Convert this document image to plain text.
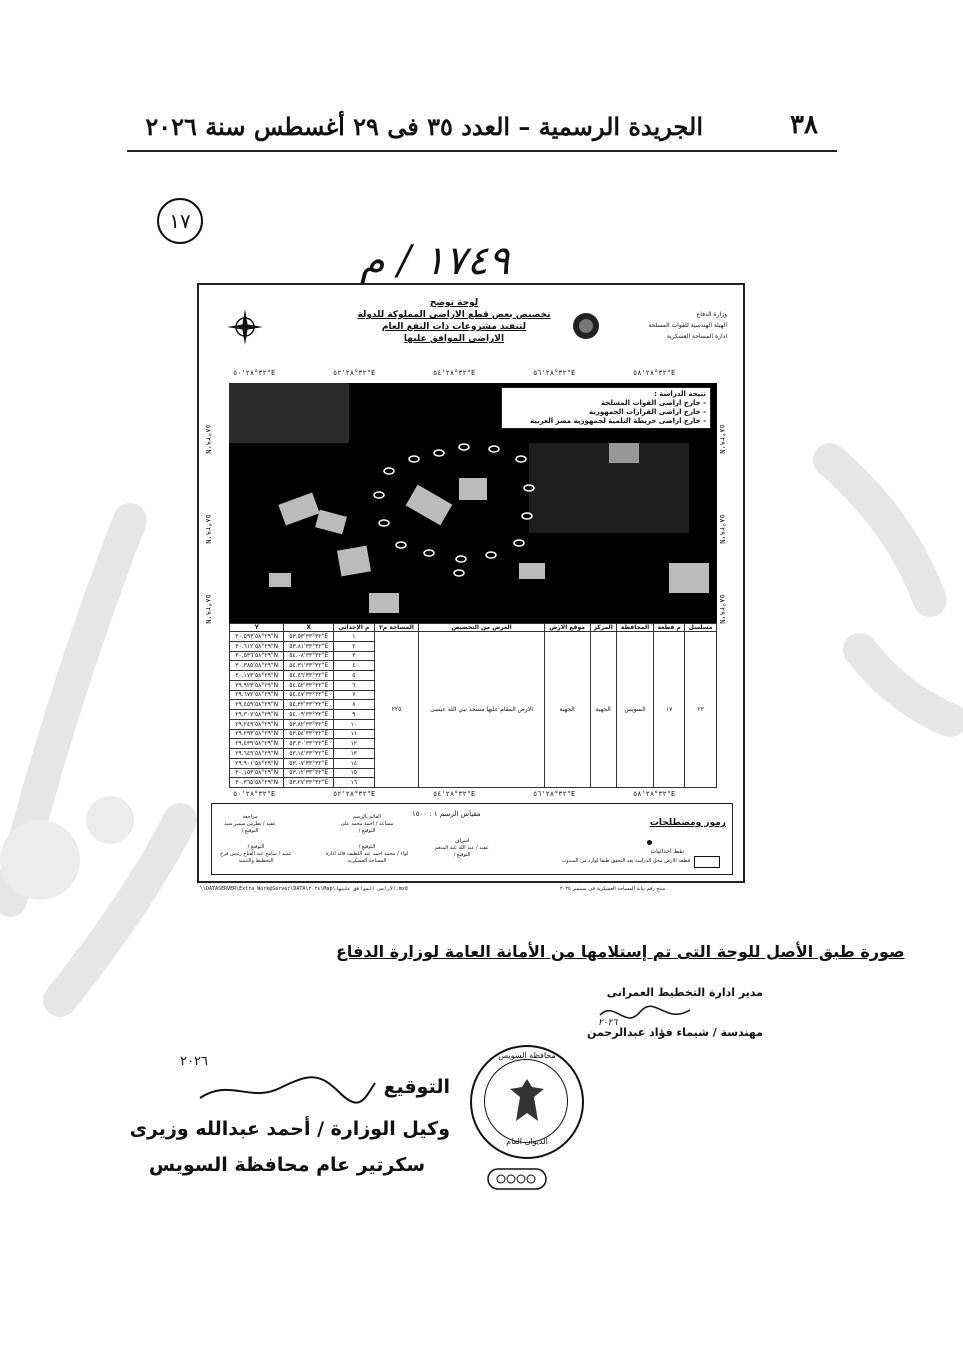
٣٨
الجريدة الرسمية – العدد ٣٥ فى ٢٩ أغسطس سنة ٢٠٢٦
١٧
١٧٤٩ / م
لوحة توضح
تخصيص بعض قطع الاراضى المملوكة للدولة
لتنفيذ مشروعات ذات النفع العام
الاراضى الموافق عليها
وزارة الدفاع
الهيئة الهندسية للقوات المسلحة
ادارة المساحة العسكرية
٣٢°٢٨'٥٠"E	٣٢°٢٨'٥٢"E	٣٢°٢٨'٥٤"E	٣٢°٢٨'٥٦"E	٣٢°٢٨'٥٨"E
٢٩°٥٨'N
٢٩°٥٨'N
٢٩°٥٨'N
٢٩°٥٨'N
٢٩°٥٨'N
٢٩°٥٨'N
نتيجة الدراسة :
- خارج اراضى القوات المسلحة
- خارج اراضى القرارات الجمهورية
- خارج اراضى خريطة التلمية لجمهورية مصر العربية
Y	X	م الإحداثي	المساحة م٢	الغرض من التخصيص	موقع الارض	المركز	المحافظة	م قطعة	مسلسل
٢٩°٥٨'٣٠.٥٩٣"N	٣٢°٣٣'٥٣.٥٣"E	١	٢٢٥	الارض المقام عليها مسجد نبي الله عيسى	الجهبة	الجهبة	السويس	١٧	٢٣
٢٩°٥٨'٣٠.٦١٢"N	٣٢°٣٣'٥٣.٨١"E	٢							
٢٩°٥٨'٣٠.٥٣٦"N	٣٢°٣٣'٥٤.٠٨"E	٣							
٢٩°٥٨'٣٠.٣٨٥"N	٣٢°٣٣'٥٤.٣١"E	٤							
٢٩°٥٨'٣٠.١٧٣"N	٣٢°٣٣'٥٤.٤٦"E	٥							
٢٩°٥٨'٢٩.٩٢٣"N	٣٢°٣٣'٥٤.٥٢"E	٦							
٢٩°٥٨'٢٩.٦٧٢"N	٣٢°٣٣'٥٤.٤٧"E	٧							
٢٩°٥٨'٢٩.٤٥٩"N	٣٢°٣٣'٥٤.٣٢"E	٨							
٢٩°٥٨'٢٩.٣٠٧"N	٣٢°٣٣'٥٤.٠٩"E	٩							
٢٩°٥٨'٢٩.٢٤٩"N	٣٢°٣٣'٥٣.٨٢"E	١٠							
٢٩°٥٨'٢٩.٢٩٣"N	٣٢°٣٣'٥٣.٥٤"E	١١							
٢٩°٥٨'٢٩.٤٣٩"N	٣٢°٣٣'٥٣.٣٠"E	١٢							
٢٩°٥٨'٢٩.٦٤٩"N	٣٢°٣٣'٥٣.١٤"E	١٣							
٢٩°٥٨'٢٩.٩٠١"N	٣٢°٣٣'٥٣.٠٧"E	١٤							
٢٩°٥٨'٣٠.١٥٣"N	٣٢°٣٣'٥٣.١٢"E	١٥							
٢٩°٥٨'٣٠.٣٦٥"N	٣٢°٣٣'٥٣.٢٧"E	١٦							
٣٢°٢٨'٥٠"E	٣٢°٢٨'٥٢"E	٣٢°٢٨'٥٤"E	٣٢°٢٨'٥٦"E	٣٢°٢٨'٥٨"E
مقياس الرسم ١ : ١٥٠٠
رموز ومصطلحات
نقط احداثيات
قطعة الارض محل الدراسة بعد التحقق طبقا لوارد من المندوب
مراجعة
عقيد / بطرس سمير سيد
التوقيع /
القائم بالرسم
مساعد / احمد محمد على
التوقيع /
التوقيع /
عميد / سامح عبد الفتاح رئيس فرع التخطيط والتنمية
التوقيع /
لواء / محمد احمد عبد اللطيف قائد ادارة المساحة العسكرية
اشراف
عقيد / عبد الله عبد المنعم
التوقيع /
\\DATASERVER\Extra_Work@Server\DATA\٢٠٢٤\Map\الاراضى الموافق عليها.mxd	منتج رقم بيانة المساحة العسكرية فى سبتمبر ٢٠٢٥
صورة طبق الأصل للوحة التى تم إستلامها من الأمانة العامة لوزارة الدفاع
مدير ادارة التخطيط العمرانى
٢٠٢٦
مهندسة / شيماء فؤاد عبدالرحمن
محافظة السويس
الديوان العام
٢٠٢٦
التوقيع
وكيل الوزارة / أحمد عبدالله وزيرى
سكرتير عام محافظة السويس
